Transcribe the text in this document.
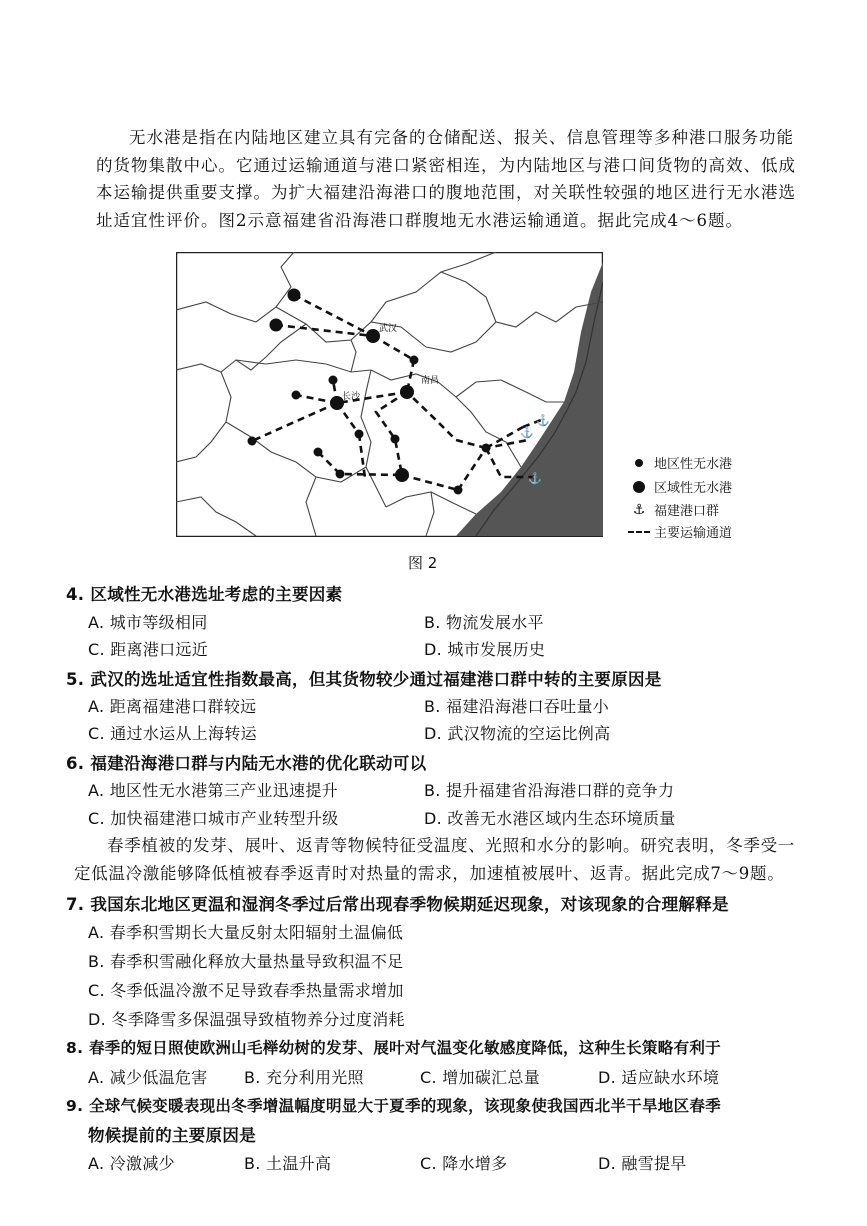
无水港是指在内陆地区建立具有完备的仓储配送、报关、信息管理等多种港口服务功能的货物集散中心。它通过运输通道与港口紧密相连，为内陆地区与港口间货物的高效、低成本运输提供重要支撑。为扩大福建沿海港口的腹地范围，对关联性较强的地区进行无水港选址适宜性评价。图2示意福建省沿海港口群腹地无水港运输通道。据此完成4～6题。
⚓
⚓
⚓
武汉
南昌
长沙
地区性无水港
区域性无水港
⚓ 福建港口群
主要运输通道
图 2
4. 区域性无水港选址考虑的主要因素
A. 城市等级相同	B. 物流发展水平
C. 距离港口远近	D. 城市发展历史
5. 武汉的选址适宜性指数最高，但其货物较少通过福建港口群中转的主要原因是
A. 距离福建港口群较远	B. 福建沿海港口吞吐量小
C. 通过水运从上海转运	D. 武汉物流的空运比例高
6. 福建沿海港口群与内陆无水港的优化联动可以
A. 地区性无水港第三产业迅速提升	B. 提升福建省沿海港口群的竞争力
C. 加快福建港口城市产业转型升级	D. 改善无水港区域内生态环境质量
春季植被的发芽、展叶、返青等物候特征受温度、光照和水分的影响。研究表明，冬季受一定低温冷激能够降低植被春季返青时对热量的需求，加速植被展叶、返青。据此完成7～9题。
7. 我国东北地区更温和湿润冬季过后常出现春季物候期延迟现象，对该现象的合理解释是
A. 春季积雪期长大量反射太阳辐射土温偏低
B. 春季积雪融化释放大量热量导致积温不足
C. 冬季低温冷激不足导致春季热量需求增加
D. 冬季降雪多保温强导致植物养分过度消耗
8. 春季的短日照使欧洲山毛榉幼树的发芽、展叶对气温变化敏感度降低，这种生长策略有利于
A. 减少低温危害 B. 充分利用光照	C. 增加碳汇总量	D. 适应缺水环境
9. 全球气候变暖表现出冬季增温幅度明显大于夏季的现象，该现象使我国西北半干旱地区春季
物候提前的主要原因是
A. 冷激减少	B. 土温升高	C. 降水增多	D. 融雪提早
